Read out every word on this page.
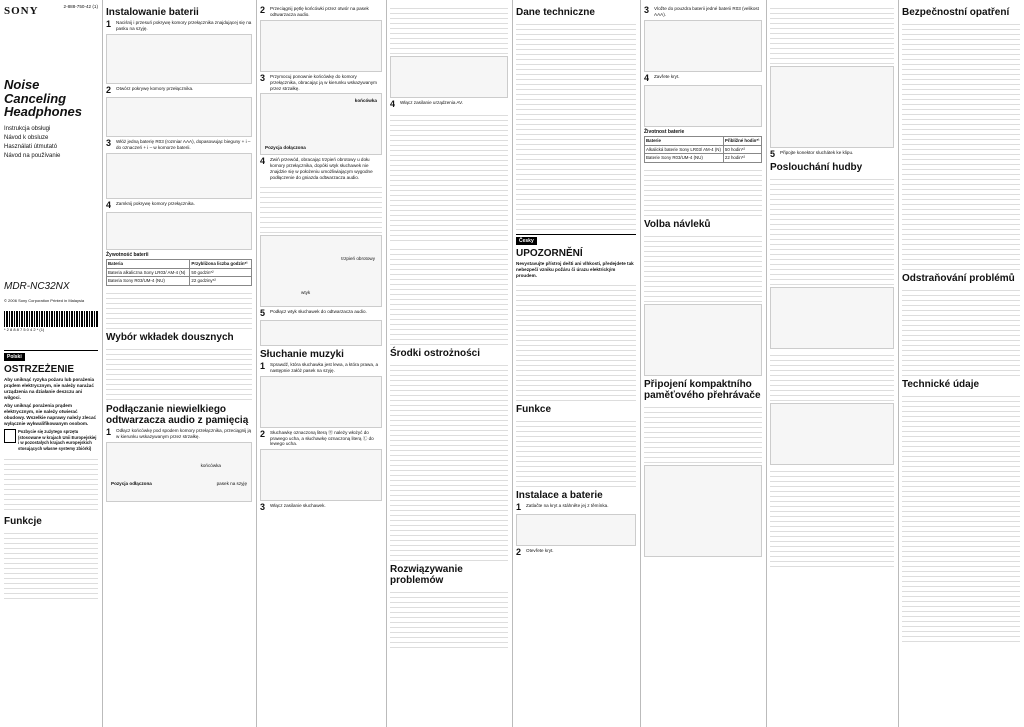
SONY	2-888-750-42 (1)
Noise Canceling Headphones
Instrukcja obsługi
Návod k obsluze
Használati útmutató
Návod na používanie
MDR-NC32NX
© 2006 Sony Corporation Printed in Malaysia
* 2 8 8 8 7 5 0 4 2 * (1)
Polski
OSTRZEŻENIE

Aby uniknąć ryzyka pożaru lub porażenia prądem elektrycznym, nie należy narażać urządzenia na działanie deszczu ani wilgoci.

Aby uniknąć porażenia prądem elektrycznym, nie należy otwierać obudowy. Wszelkie naprawy należy zlecać wyłącznie wykwalifikowanym osobom.

Pozbycie się zużytego sprzętu (stosowane w krajach Unii Europejskiej i w pozostałych krajach europejskich stosujących własne systemy zbiórki)

Funkcje
Instalowanie baterii
1	Naciśnij i przesuń pokrywę komory przełącznika znajdującej się na pasku na szyję.
2	Otwórz pokrywę komory przełącznika.
3	Włóż jedną baterię R03 (rozmiar AAA), dopasowując bieguny + i – do oznaczeń + i – w komorze baterii.
4	Zamknij pokrywę komory przełącznika.
Żywotność baterii
Bateria	Przybliżona liczba godzin*¹
Bateria alkaliczna Sony LR03/ AM-4 (N)	50 godzin*²
Bateria Sony R03/UM-4 (NU)	22 godziny*²
Wybór wkładek dousznych
Podłączanie niewielkiego odtwarzacza audio z pamięcią
1	Odłącz końcówkę pod spodem komory przełącznika, przeciągnij ją w kierunku wskazywanym przez strzałkę.
Pozycja odłączona
końcówka
pasek na szyję
2	Przeciągnij pętlę końcówki przez otwór na pasek odtwarzacza audio.
3	Przymocuj ponownie końcówkę do komory przełącznika, obracając ją w kierunku wskazywanym przez strzałkę.
Pozycja dołączona
końcówka
4	Zwiń przewód, obracając trzpień obrotowy u dołu komory przełącznika, dopóki wtyk słuchawek nie znajdzie się w położeniu umożliwiającym wygodne podłączenie do gniazda odtwarzacza audio.
trzpień obrotowy
wtyk
5	Podłącz wtyk słuchawek do odtwarzacza audio.
Słuchanie muzyki
1	Sprawdź, która słuchawka jest lewa, a która prawa, a następnie załóż pasek na szyję.
2	Słuchawkę oznaczoną literą Ⓡ należy włożyć do prawego ucha, a słuchawkę oznaczoną literą Ⓛ do lewego ucha.
3	Włącz zasilanie słuchawek.
4	Włącz zasilanie urządzenia AV.
Środki ostrożności
Rozwiązywanie problemów
Dane techniczne
Česky
UPOZORNĚNÍ

Nevystavujte přístroj dešti ani vlhkosti, předejdete tak nebezpečí vzniku požáru či úrazu elektrickým proudem.

Funkce
Instalace a baterie
1	Zatlačte na kryt a stáhněte jej z těmínka.
2	Otevřete kryt.
3	Vložte do pouzdra baterii jedné baterii R03 (velikost AAA).
4	Zavřete kryt.
Životnost baterie
Baterie	Přibližné hodin*¹
Alkalická baterie Sony LR03/ AM-4 (N)	50 hodin*²
Baterie Sony R03/UM-4 (NU)	22 hodin*²
Volba návleků
Připojení kompaktního paměťového přehrávače
5	Připojte konektor sluchátek ke klipu.
Poslouchání hudby
Bezpečnostní opatření
Odstraňování problémů
Technické údaje
